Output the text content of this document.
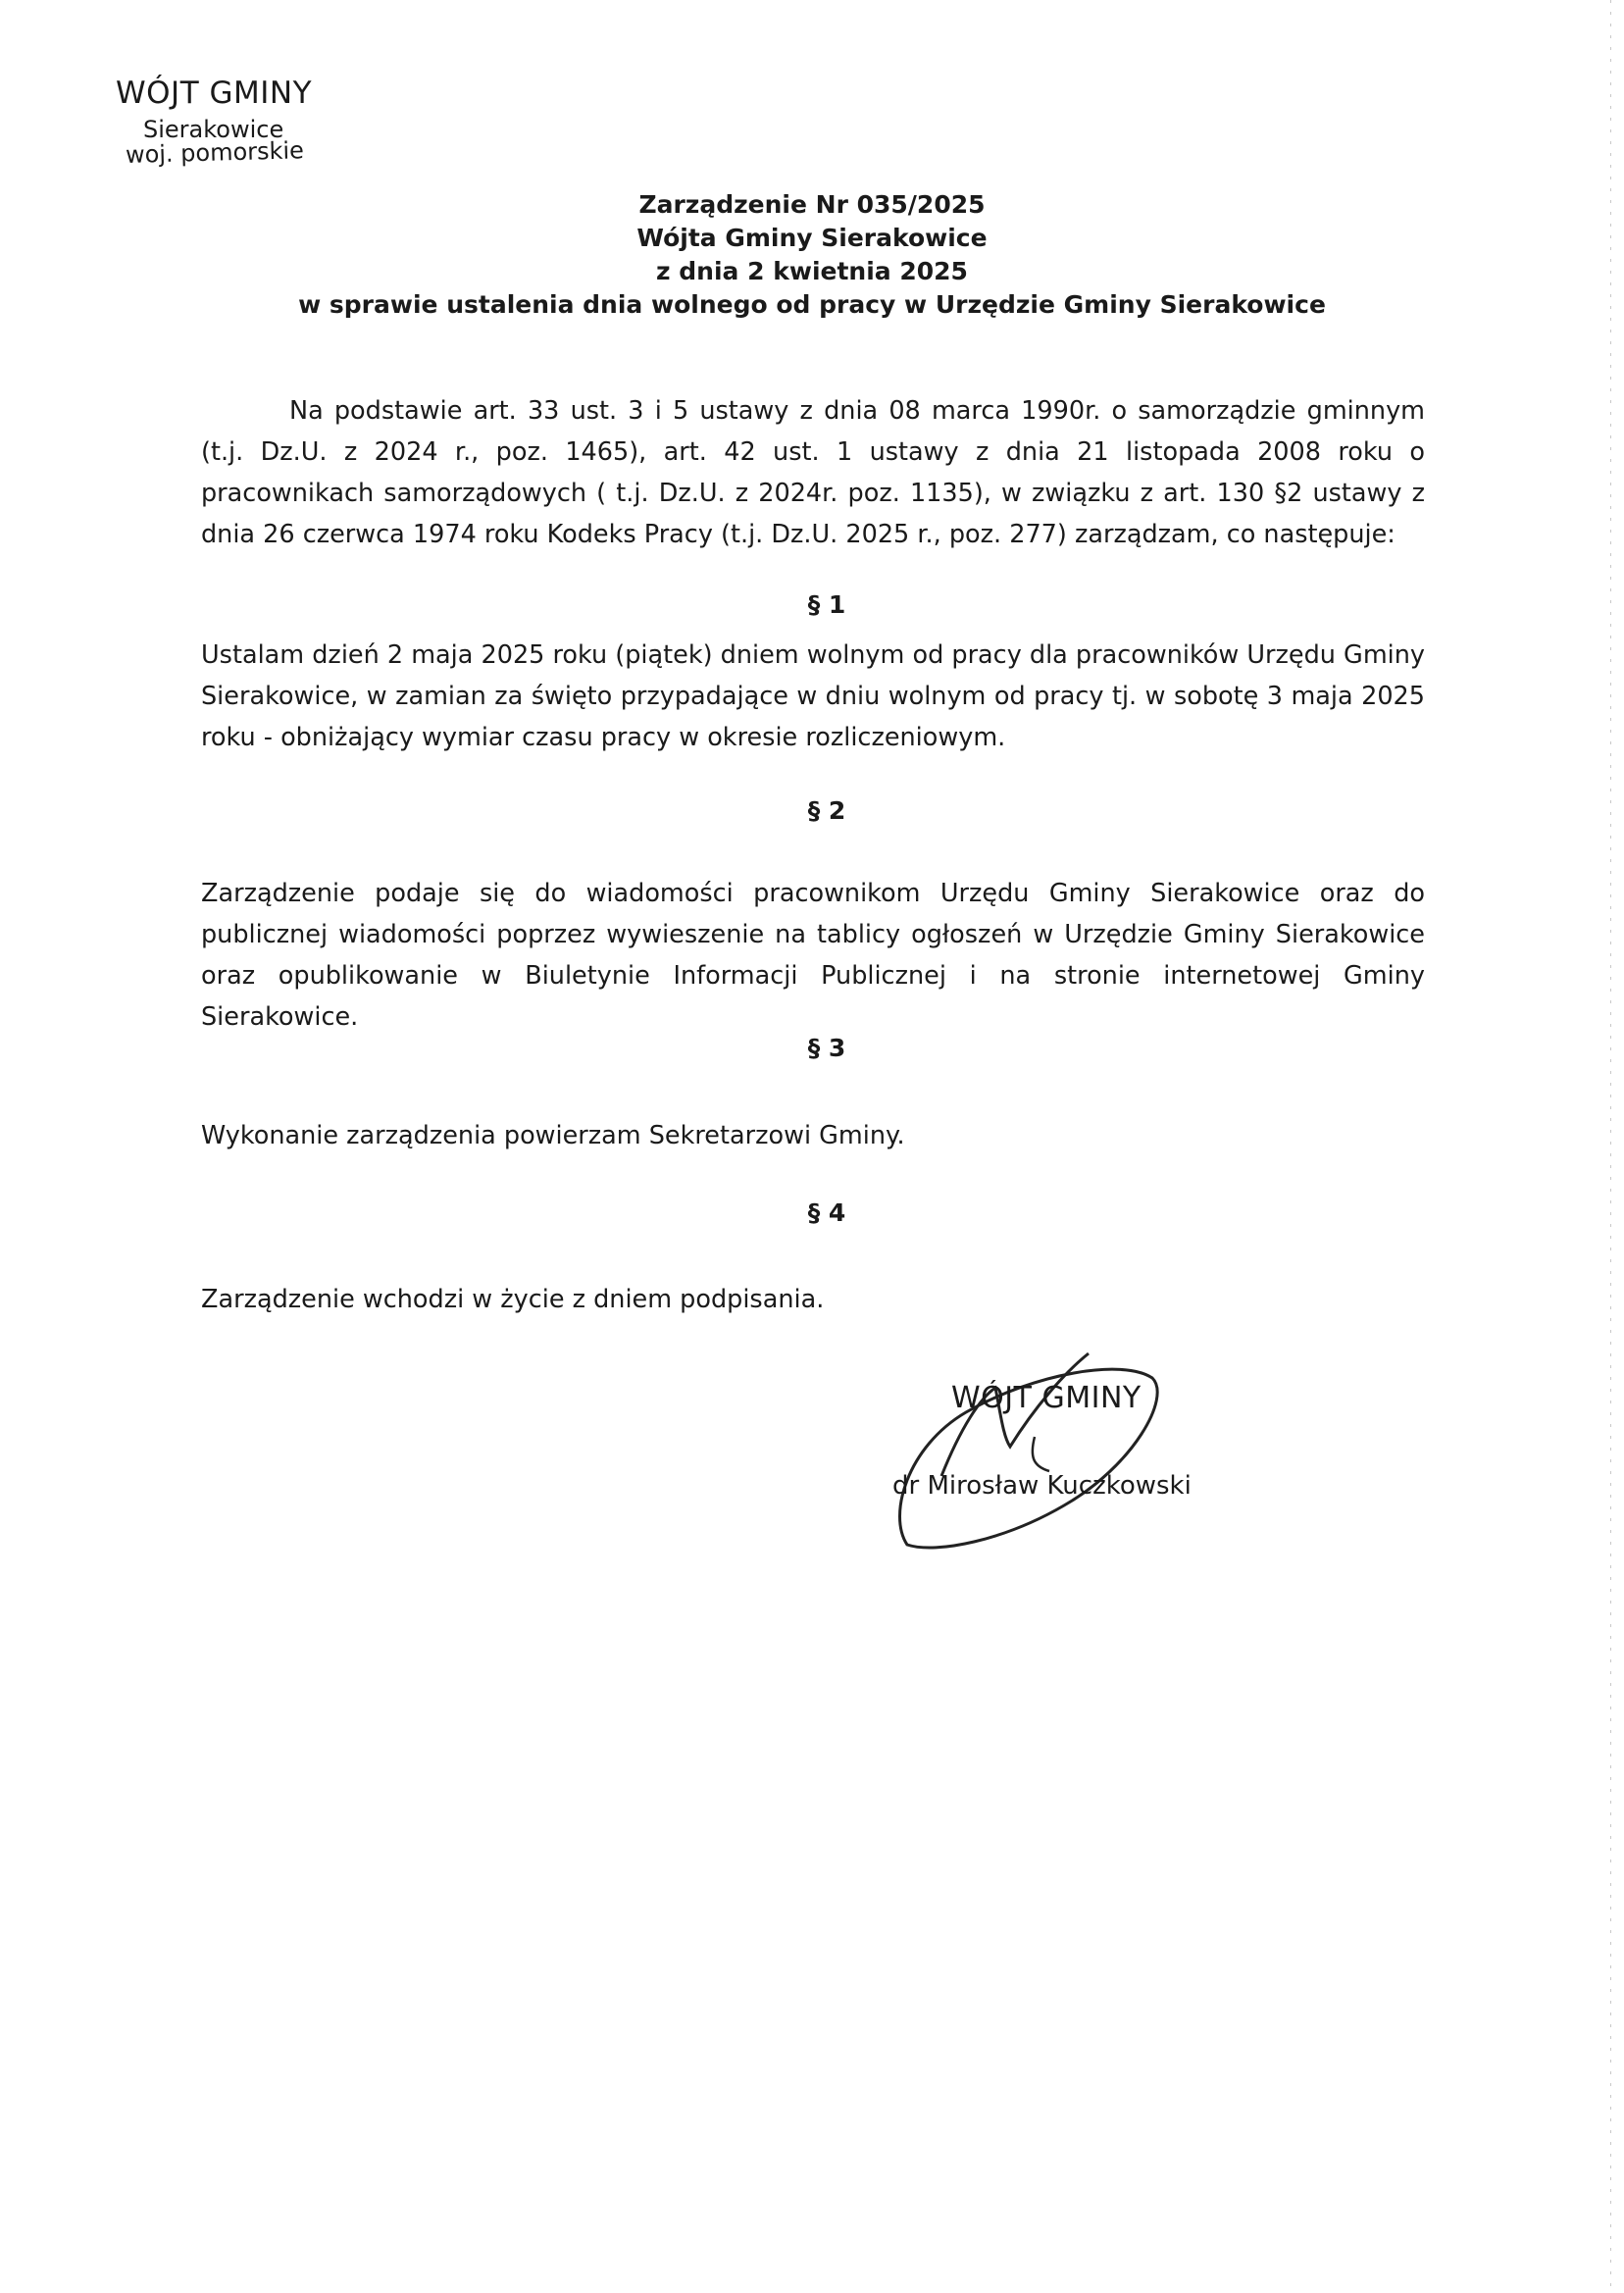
WÓJT GMINY
Sierakowice
woj. pomorskie
Zarządzenie Nr 035/2025
Wójta Gminy Sierakowice
z dnia 2 kwietnia 2025
w sprawie ustalenia dnia wolnego od pracy w Urzędzie Gminy Sierakowice
Na podstawie art. 33 ust. 3 i 5 ustawy z dnia 08 marca 1990r. o samorządzie gminnym (t.j. Dz.U. z 2024 r., poz. 1465), art. 42 ust. 1 ustawy z dnia 21 listopada 2008 roku o pracownikach samorządowych ( t.j. Dz.U. z 2024r. poz. 1135), w związku z art. 130 §2 ustawy z dnia 26 czerwca 1974 roku Kodeks Pracy (t.j. Dz.U. 2025 r., poz. 277) zarządzam, co następuje:
§ 1
Ustalam dzień 2 maja 2025 roku (piątek) dniem wolnym od pracy dla pracowników Urzędu Gminy Sierakowice, w zamian za święto przypadające w dniu wolnym od pracy tj. w sobotę 3 maja 2025 roku - obniżający wymiar czasu pracy w okresie rozliczeniowym.
§ 2
Zarządzenie podaje się do wiadomości pracownikom Urzędu Gminy Sierakowice oraz do publicznej wiadomości poprzez wywieszenie na tablicy ogłoszeń w Urzędzie Gminy Sierakowice oraz opublikowanie w Biuletynie Informacji Publicznej i na stronie internetowej Gminy Sierakowice.
§ 3
Wykonanie zarządzenia powierzam Sekretarzowi Gminy.
§ 4
Zarządzenie wchodzi w życie z dniem podpisania.
WÓJT GMINY
dr Mirosław Kuczkowski
